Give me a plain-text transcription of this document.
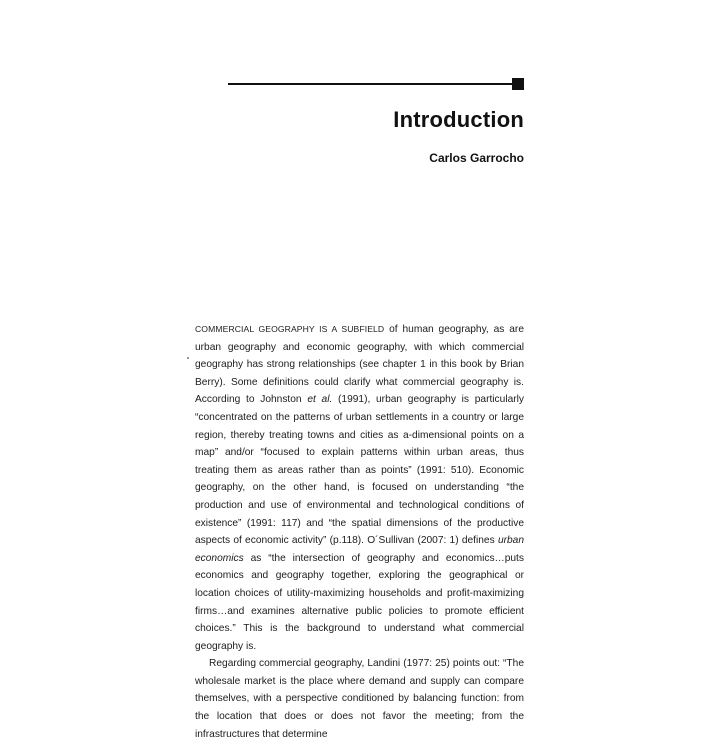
Introduction
Carlos Garrocho

COMMERCIAL GEOGRAPHY IS A SUBFIELD of human geography, as are urban geography and economic geography, with which commercial geography has strong relationships (see chapter 1 in this book by Brian Berry). Some definitions could clarify what commercial geography is. According to Johnston et al. (1991), urban geography is particularly “concentrated on the patterns of urban settlements in a country or large region, thereby treating towns and cities as a-dimensional points on a map” and/or “focused to explain patterns within urban areas, thus treating them as areas rather than as points” (1991: 510). Economic geography, on the other hand, is focused on understanding “the production and use of environmental and technological conditions of existence” (1991: 117) and “the spatial dimensions of the productive aspects of economic activity” (p.118). O´Sullivan (2007: 1) defines urban economics as “the intersection of geography and economics…puts economics and geography together, exploring the geographical or location choices of utility-maximizing households and profit-maximizing firms…and examines alternative public policies to promote efficient choices.” This is the background to understand what commercial geography is.

Regarding commercial geography, Landini (1977: 25) points out: “The wholesale market is the place where demand and supply can compare themselves, with a perspective conditioned by balancing function: from the location that does or does not favor the meeting; from the infrastructures that determine
